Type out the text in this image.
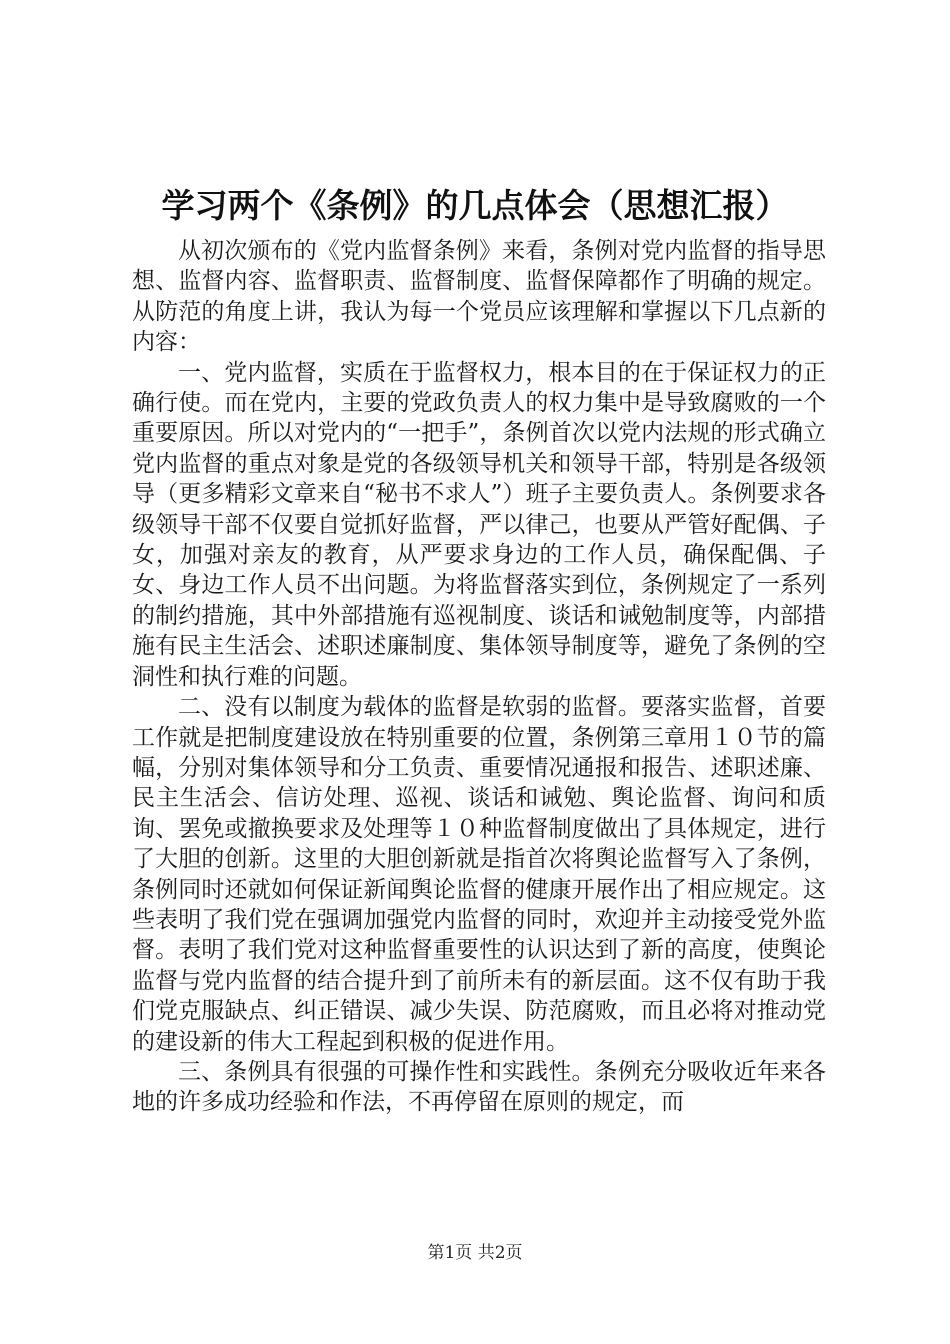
学习两个《条例》的几点体会（思想汇报）

从初次颁布的《党内监督条例》来看，条例对党内监督的指导思想、监督内容、监督职责、监督制度、监督保障都作了明确的规定。从防范的角度上讲，我认为每一个党员应该理解和掌握以下几点新的内容：

一、党内监督，实质在于监督权力，根本目的在于保证权力的正确行使。而在党内，主要的党政负责人的权力集中是导致腐败的一个重要原因。所以对党内的“一把手”，条例首次以党内法规的形式确立党内监督的重点对象是党的各级领导机关和领导干部，特别是各级领导（更多精彩文章来自“秘书不求人”）班子主要负责人。条例要求各级领导干部不仅要自觉抓好监督，严以律己，也要从严管好配偶、子女，加强对亲友的教育，从严要求身边的工作人员，确保配偶、子女、身边工作人员不出问题。为将监督落实到位，条例规定了一系列的制约措施，其中外部措施有巡视制度、谈话和诫勉制度等，内部措施有民主生活会、述职述廉制度、集体领导制度等，避免了条例的空洞性和执行难的问题。

二、没有以制度为载体的监督是软弱的监督。要落实监督，首要工作就是把制度建设放在特别重要的位置，条例第三章用１０节的篇幅，分别对集体领导和分工负责、重要情况通报和报告、述职述廉、民主生活会、信访处理、巡视、谈话和诫勉、舆论监督、询问和质询、罢免或撤换要求及处理等１０种监督制度做出了具体规定，进行了大胆的创新。这里的大胆创新就是指首次将舆论监督写入了条例，条例同时还就如何保证新闻舆论监督的健康开展作出了相应规定。这些表明了我们党在强调加强党内监督的同时，欢迎并主动接受党外监督。表明了我们党对这种监督重要性的认识达到了新的高度，使舆论监督与党内监督的结合提升到了前所未有的新层面。这不仅有助于我们党克服缺点、纠正错误、减少失误、防范腐败，而且必将对推动党的建设新的伟大工程起到积极的促进作用。

三、条例具有很强的可操作性和实践性。条例充分吸收近年来各地的许多成功经验和作法，不再停留在原则的规定，而

第1页 共2页
